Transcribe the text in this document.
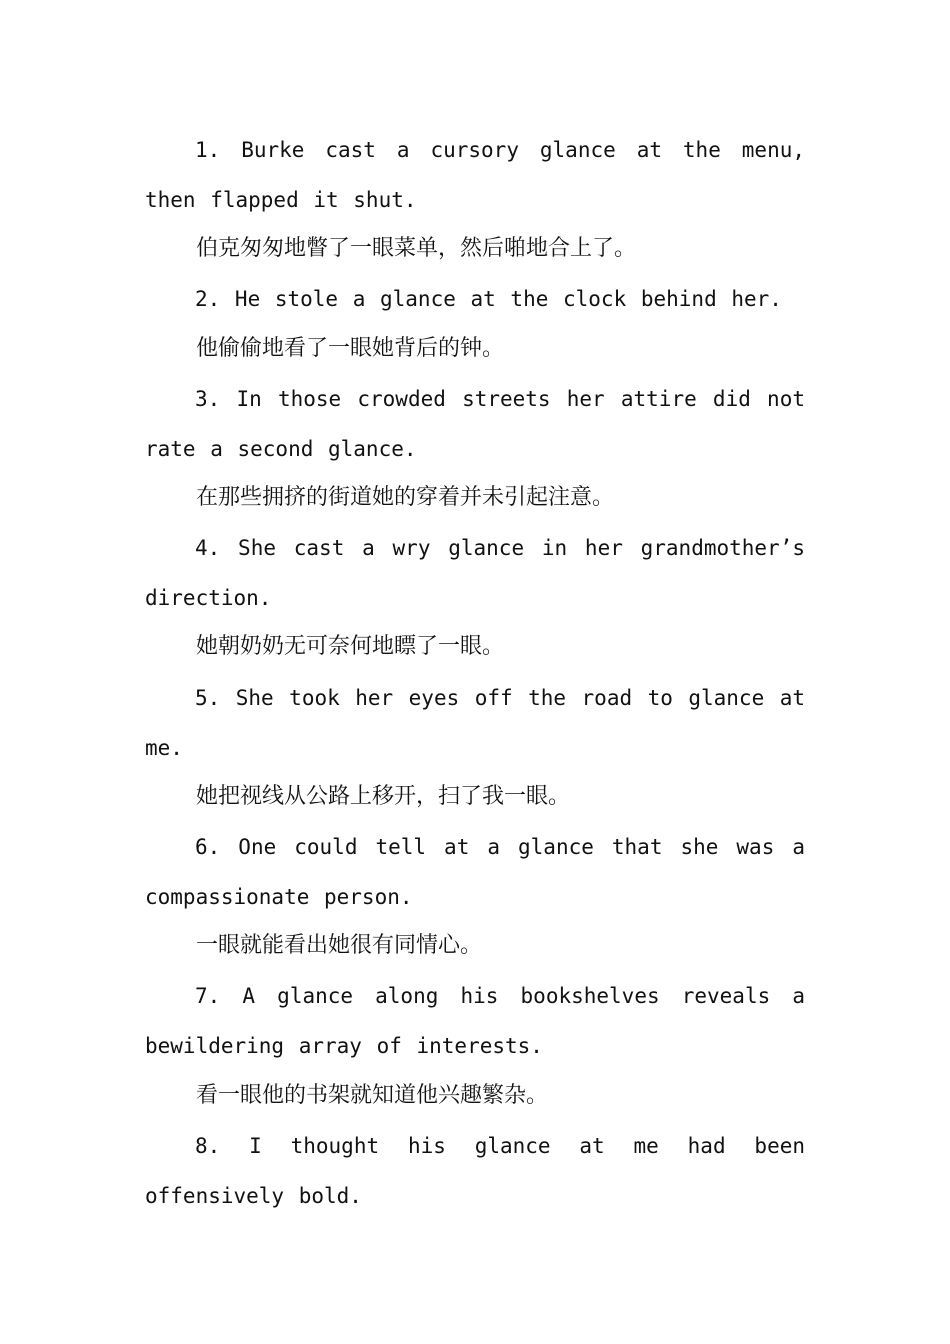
1. Burke cast a cursory glance at the menu, then flapped it shut.

伯克匆匆地瞥了一眼菜单，然后啪地合上了。

2. He stole a glance at the clock behind her.

他偷偷地看了一眼她背后的钟。

3. In those crowded streets her attire did not rate a second glance.

在那些拥挤的街道她的穿着并未引起注意。

4. She cast a wry glance in her grandmother’s direction.

她朝奶奶无可奈何地瞟了一眼。

5. She took her eyes off the road to glance at me.

她把视线从公路上移开，扫了我一眼。

6. One could tell at a glance that she was a compassionate person.

一眼就能看出她很有同情心。

7. A glance along his bookshelves reveals a bewildering array of interests.

看一眼他的书架就知道他兴趣繁杂。

8. I thought his glance at me had been offensively bold.
